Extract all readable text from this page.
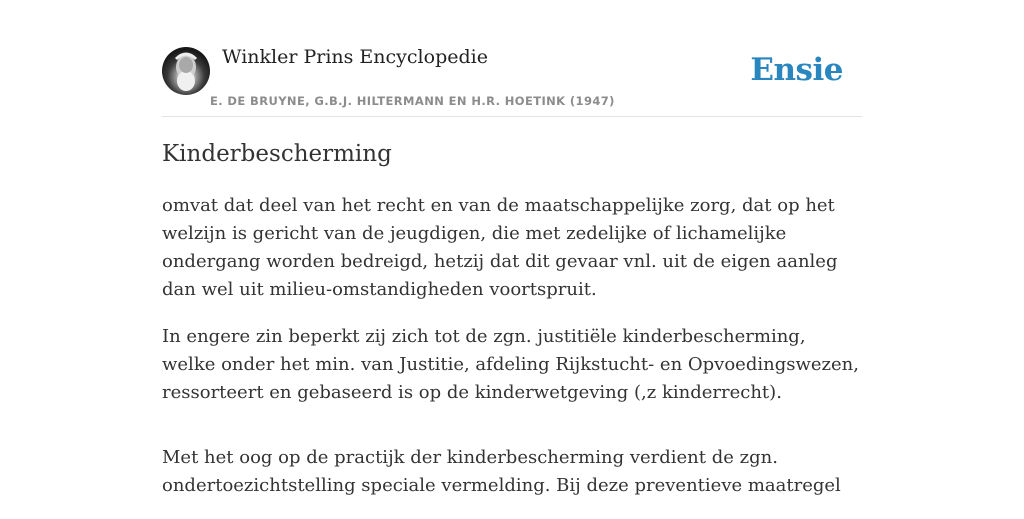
Winkler Prins Encyclopedie
E. DE BRUYNE, G.B.J. HILTERMANN EN H.R. HOETINK (1947)
Ensie
Kinderbescherming

omvat dat deel van het recht en van de maatschappelijke zorg, dat op het welzijn is gericht van de jeugdigen, die met zedelijke of lichamelijke ondergang worden bedreigd, hetzij dat dit gevaar vnl. uit de eigen aanleg dan wel uit milieu-omstandigheden voortspruit.

In engere zin beperkt zij zich tot de zgn. justitiële kinderbescherming, welke onder het min. van Justitie, afdeling Rijkstucht- en Opvoedingswezen, ressorteert en gebaseerd is op de kinderwetgeving (,z kinderrecht).

Met het oog op de practijk der kinderbescherming verdient de zgn. ondertoezichtstelling speciale vermelding. Bij deze preventieve maatregel
